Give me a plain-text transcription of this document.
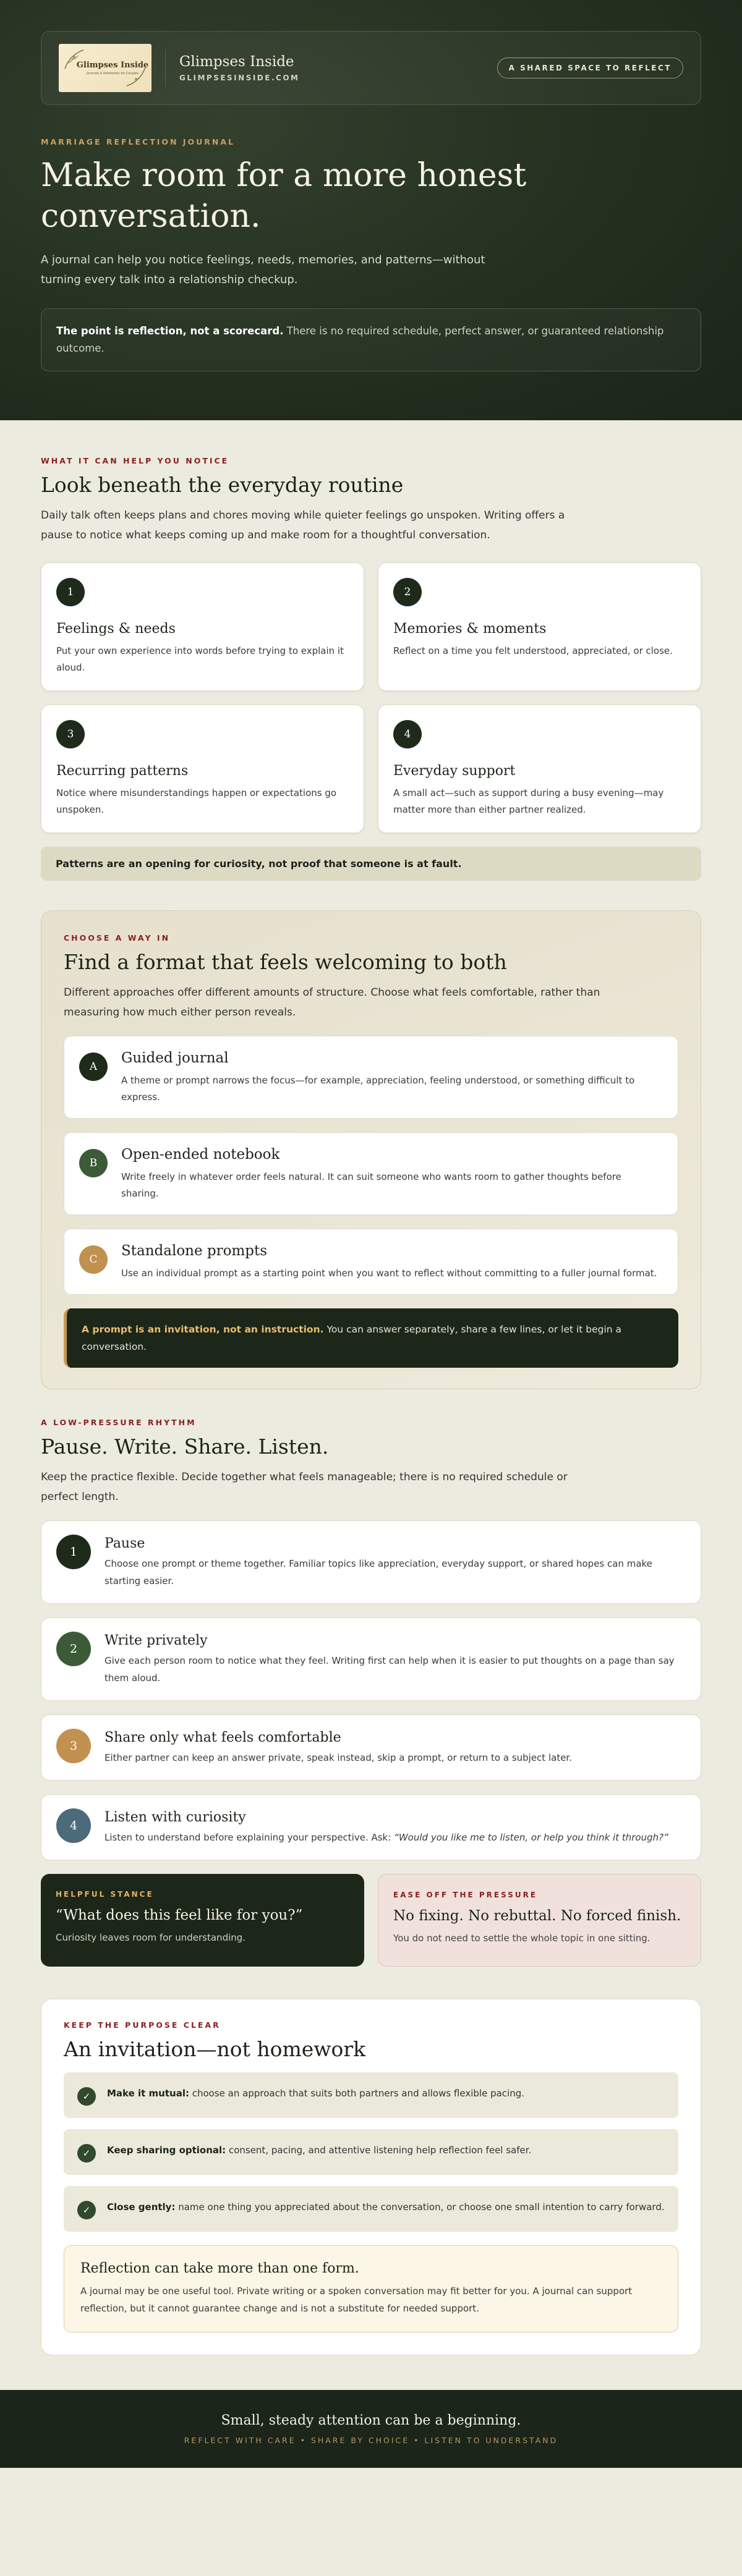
Glimpses Inside
Journals & Notebooks for Couples
Glimpses Inside
GLIMPSESINSIDE.COM
A SHARED SPACE TO REFLECT
MARRIAGE REFLECTION JOURNAL
Make room for a more honest conversation.

A journal can help you notice feelings, needs, memories, and patterns—without turning every talk into a relationship checkup.

The point is reflection, not a scorecard. There is no required schedule, perfect answer, or guaranteed relationship outcome.
WHAT IT CAN HELP YOU NOTICE
Look beneath the everyday routine

Daily talk often keeps plans and chores moving while quieter feelings go unspoken. Writing offers a pause to notice what keeps coming up and make room for a thoughtful conversation.

1
Feelings & needs

Put your own experience into words before trying to explain it aloud.

2
Memories & moments

Reflect on a time you felt understood, appreciated, or close.

3
Recurring patterns

Notice where misunderstandings happen or expectations go unspoken.

4
Everyday support

A small act—such as support during a busy evening—may matter more than either partner realized.

Patterns are an opening for curiosity, not proof that someone is at fault.
CHOOSE A WAY IN
Find a format that feels welcoming to both

Different approaches offer different amounts of structure. Choose what feels comfortable, rather than measuring how much either person reveals.

A
Guided journal

A theme or prompt narrows the focus—for example, appreciation, feeling understood, or something difficult to express.

B
Open-ended notebook

Write freely in whatever order feels natural. It can suit someone who wants room to gather thoughts before sharing.

C
Standalone prompts

Use an individual prompt as a starting point when you want to reflect without committing to a fuller journal format.

A prompt is an invitation, not an instruction. You can answer separately, share a few lines, or let it begin a conversation.
A LOW-PRESSURE RHYTHM
Pause. Write. Share. Listen.

Keep the practice flexible. Decide together what feels manageable; there is no required schedule or perfect length.

1
Pause

Choose one prompt or theme together. Familiar topics like appreciation, everyday support, or shared hopes can make starting easier.

2
Write privately

Give each person room to notice what they feel. Writing first can help when it is easier to put thoughts on a page than say them aloud.

3
Share only what feels comfortable

Either partner can keep an answer private, speak instead, skip a prompt, or return to a subject later.

4
Listen with curiosity

Listen to understand before explaining your perspective. Ask: “Would you like me to listen, or help you think it through?”

HELPFUL STANCE
“What does this feel like for you?”
Curiosity leaves room for understanding.
EASE OFF THE PRESSURE
No fixing. No rebuttal. No forced finish.
You do not need to settle the whole topic in one sitting.
KEEP THE PURPOSE CLEAR
An invitation—not homework
✓	Make it mutual: choose an approach that suits both partners and allows flexible pacing.

✓	Keep sharing optional: consent, pacing, and attentive listening help reflection feel safer.

✓	Close gently: name one thing you appreciated about the conversation, or choose one small intention to carry forward.

Reflection can take more than one form.

A journal may be one useful tool. Private writing or a spoken conversation may fit better for you. A journal can support reflection, but it cannot guarantee change and is not a substitute for needed support.

Small, steady attention can be a beginning.
REFLECT WITH CARE • SHARE BY CHOICE • LISTEN TO UNDERSTAND
